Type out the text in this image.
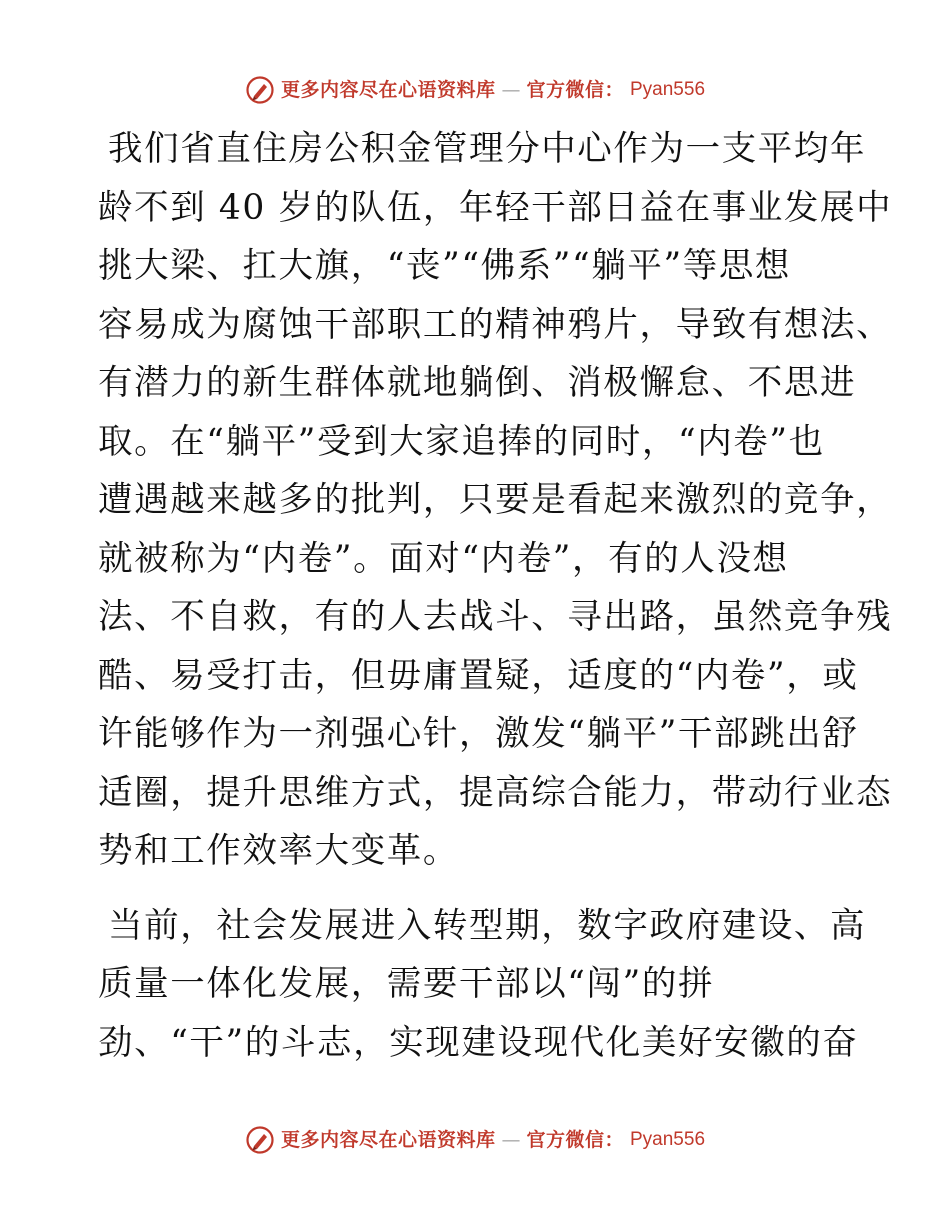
更多内容尽在心语资料库 — 官方微信： Pyan556
我们省直住房公积金管理分中心作为一支平均年
龄不到 40 岁的队伍，年轻干部日益在事业发展中
挑大梁、扛大旗，“丧”“佛系”“躺平”等思想
容易成为腐蚀干部职工的精神鸦片，导致有想法、
有潜力的新生群体就地躺倒、消极懈怠、不思进
取。在“躺平”受到大家追捧的同时，“内卷”也
遭遇越来越多的批判，只要是看起来激烈的竞争，
就被称为“内卷”。面对“内卷”，有的人没想
法、不自救，有的人去战斗、寻出路，虽然竞争残
酷、易受打击，但毋庸置疑，适度的“内卷”，或
许能够作为一剂强心针，激发“躺平”干部跳出舒
适圈，提升思维方式，提高综合能力，带动行业态
势和工作效率大变革。
当前，社会发展进入转型期，数字政府建设、高
质量一体化发展，需要干部以“闯”的拼
劲、“干”的斗志，实现建设现代化美好安徽的奋
更多内容尽在心语资料库 — 官方微信： Pyan556
